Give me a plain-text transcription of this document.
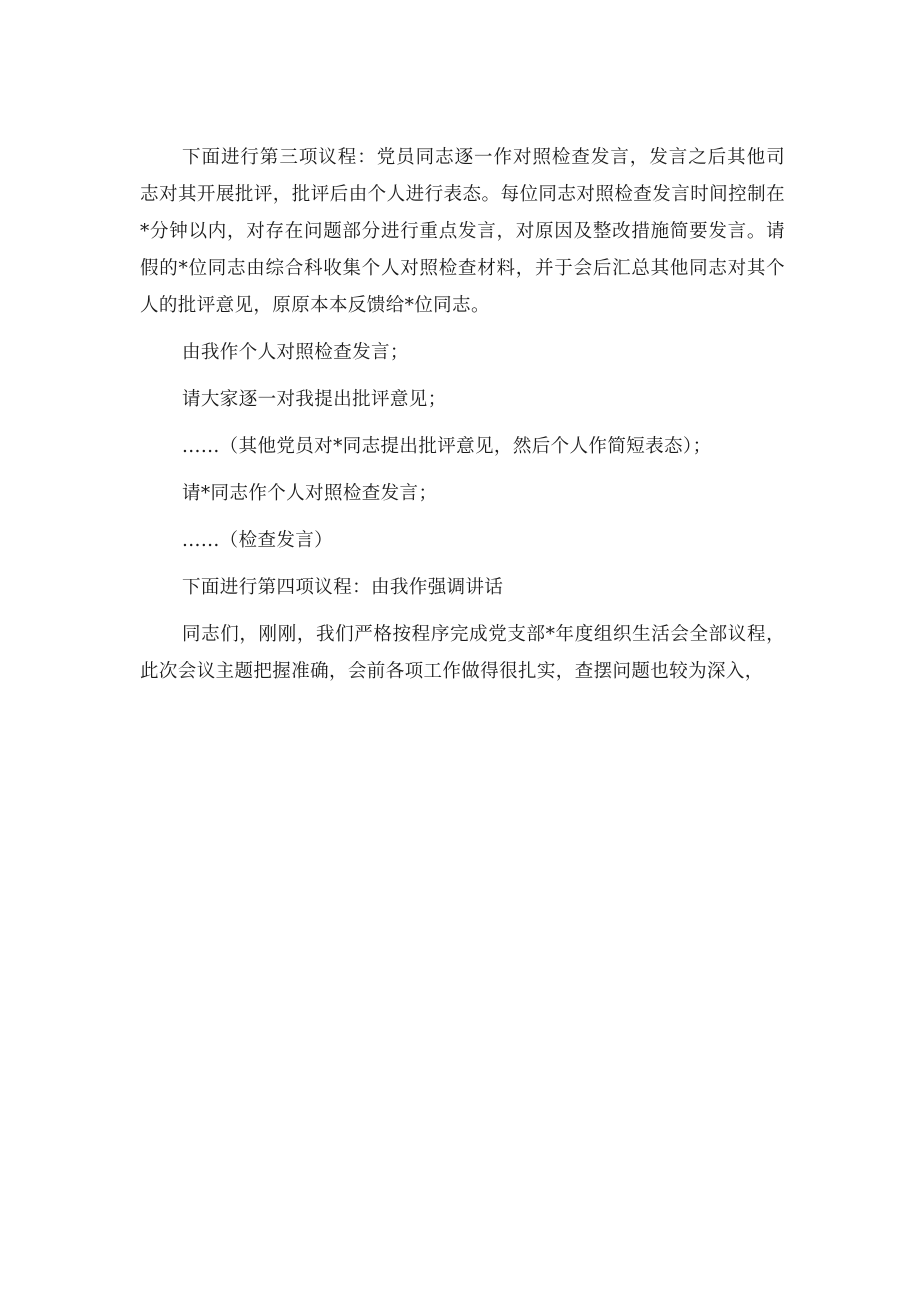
下面进行第三项议程：党员同志逐一作对照检查发言，发言之后其他司志对其开展批评，批评后由个人进行表态。每位同志对照检查发言时间控制在*分钟以内，对存在问题部分进行重点发言，对原因及整改措施简要发言。请假的*位同志由综合科收集个人对照检查材料，并于会后汇总其他同志对其个人的批评意见，原原本本反馈给*位同志。

由我作个人对照检查发言；

请大家逐一对我提出批评意见；

......（其他党员对*同志提出批评意见，然后个人作简短表态）；

请*同志作个人对照检查发言；

......（检查发言）

下面进行第四项议程：由我作强调讲话

同志们，刚刚，我们严格按程序完成党支部*年度组织生活会全部议程，此次会议主题把握准确，会前各项工作做得很扎实，查摆问题也较为深入，
